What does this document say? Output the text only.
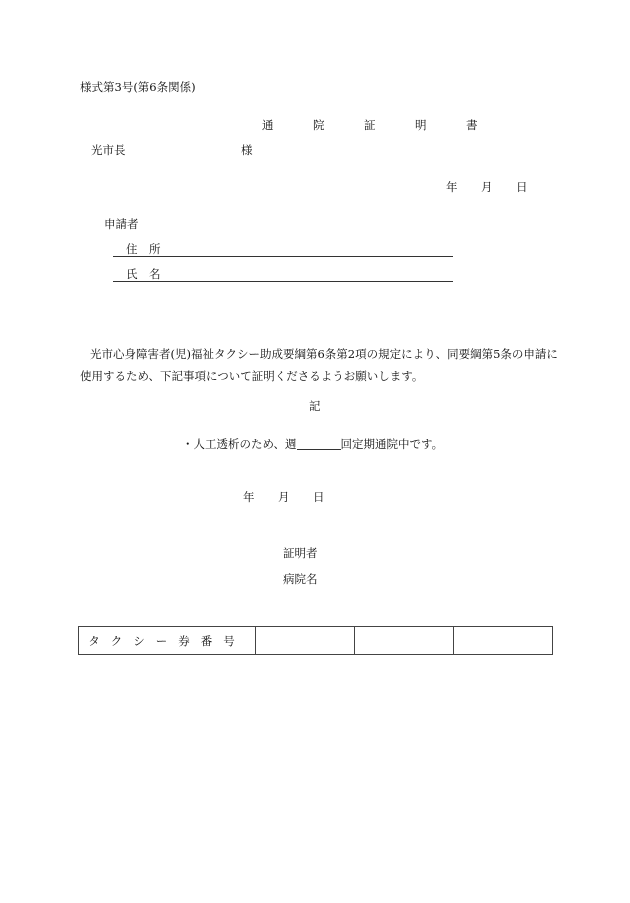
様式第3号(第6条関係)
通　院　証　明　書
光市長	様
年 月 日
申請者
住　所
氏　名
光市心身障害者(児)福祉タクシー助成要綱第6条第2項の規定により、同要綱第5条の申請に使用するため、下記事項について証明くださるようお願いします。
記
・人工透析のため、週	回定期通院中です。
年 月 日
証明者
病院名
タクシー券番号			
